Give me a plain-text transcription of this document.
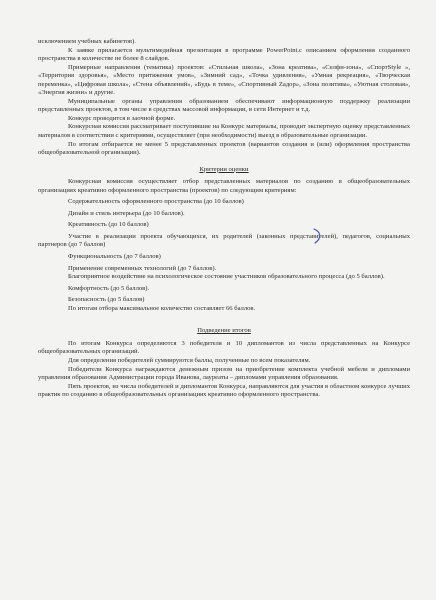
исключением учебных кабинетов).

К заявке прилагается мультимедийная презентация в программе PowerPoint.с описанием оформления созданного пространства в количестве не более 8 слайдов.

Примерные направления (тематика) проектов: «Стильная школа», «Зона креатива», «Селфи-зона», «СпортStyle », «Территория здоровья», «Место притяжения умов», «Зимний сад», «Точка удивления», «Умная рекреация», «Творческая переменка», «Цифровая школа», «Стена объявлений», «Будь в теме», «Спортивный Zадор», «Зона позитива», «Уютная столовая», «Энергия жизни» и другие.

Муниципальные органы управления образованием обеспечивают информационную поддержку реализации представленных проектов, в том числе в средствах массовой информации, в сети Интернет и т.д.

Конкурс проводится в заочной форме.

Конкурсная комиссия рассматривает поступившие на Конкурс материалы, проводит экспертную оценку представленных материалов в соответствии с критериями, осуществляет (при необходимости) выезд в образовательные организации.

По итогам отбирается не менее 5 представленных проектов (вариантов создания и (или) оформления пространства общеобразовательной организации).

Критерии оценки

Конкурсная комиссия осуществляет отбор представленных материалов по созданию в общеобразовательных организациях креативно оформленного пространства (проектов) по следующим критериям:

Содержательность оформленного пространства (до 10 баллов)

Дизайн и стиль интерьера (до 10 баллов).

Креативность (до 10 баллов)

Участие в реализации проекта обучающихся, их родителей (законных представителей), педагогов, социальных партнеров (до 7 баллов)

Функциональность (до 7 баллов)

Применение современных технологий (до 7 баллов).

Благоприятное воздействие на психологическое состояние участников образовательного процесса (до 5 баллов).

Комфортность (до 5 баллов).

Безопасность (до 5 баллов)

По итогам отбора максимальное количество составляет 66 баллов.

Подведение итогов

По итогам Конкурса определяются 3 победителя и 10 дипломантов из числа представленных на Конкурсе общеобразовательных организаций.

Для определения победителей суммируются баллы, полученные по всем показателям.

Победители Конкурса награждаются денежным призом на приобретение комплекта учебной мебели и дипломами управления образования Администрации города Иванова, лауреаты – дипломами управления образования.

Пять проектов, из числа победителей и дипломантов Конкурса, направляются для участия в областном конкурсе лучших практик по созданию в общеобразовательных организациях креативно оформленного пространства.
